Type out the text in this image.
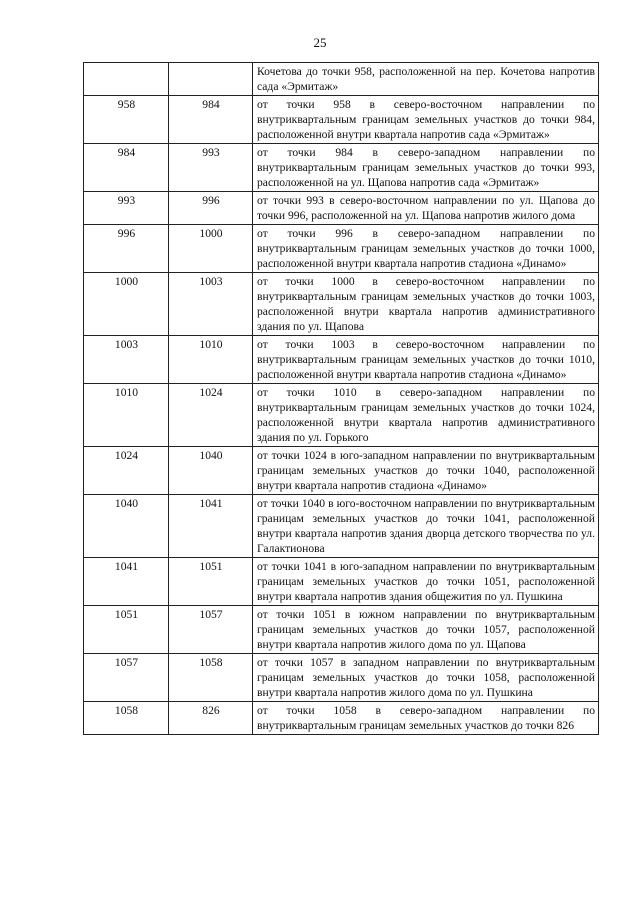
25
		Кочетова до точки 958, расположенной на пер. Кочетова напротив сада «Эрмитаж»
958	984	от точки 958 в северо-восточном направлении по внутриквартальным границам земельных участков до точки 984, расположенной внутри квартала напротив сада «Эрмитаж»
984	993	от точки 984 в северо-западном направлении по внутриквартальным границам земельных участков до точки 993, расположенной на ул. Щапова напротив сада «Эрмитаж»
993	996	от точки 993 в северо-восточном направлении по ул. Щапова до точки 996, расположенной на ул. Щапова напротив жилого дома
996	1000	от точки 996 в северо-западном направлении по внутриквартальным границам земельных участков до точки 1000, расположенной внутри квартала напротив стадиона «Динамо»
1000	1003	от точки 1000 в северо-восточном направлении по внутриквартальным границам земельных участков до точки 1003, расположенной внутри квартала напротив административного здания по ул. Щапова
1003	1010	от точки 1003 в северо-восточном направлении по внутриквартальным границам земельных участков до точки 1010, расположенной внутри квартала напротив стадиона «Динамо»
1010	1024	от точки 1010 в северо-западном направлении по внутриквартальным границам земельных участков до точки 1024, расположенной внутри квартала напротив административного здания по ул. Горького
1024	1040	от точки 1024 в юго-западном направлении по внутриквартальным границам земельных участков до точки 1040, расположенной внутри квартала напротив стадиона «Динамо»
1040	1041	от точки 1040 в юго-восточном направлении по внутриквартальным границам земельных участков до точки 1041, расположенной внутри квартала напротив здания дворца детского творчества по ул. Галактионова
1041	1051	от точки 1041 в юго-западном направлении по внутриквартальным границам земельных участков до точки 1051, расположенной внутри квартала напротив здания общежития по ул. Пушкина
1051	1057	от точки 1051 в южном направлении по внутриквартальным границам земельных участков до точки 1057, расположенной внутри квартала напротив жилого дома по ул. Щапова
1057	1058	от точки 1057 в западном направлении по внутриквартальным границам земельных участков до точки 1058, расположенной внутри квартала напротив жилого дома по ул. Пушкина
1058	826	от точки 1058 в северо-западном направлении по внутриквартальным границам земельных участков до точки 826
